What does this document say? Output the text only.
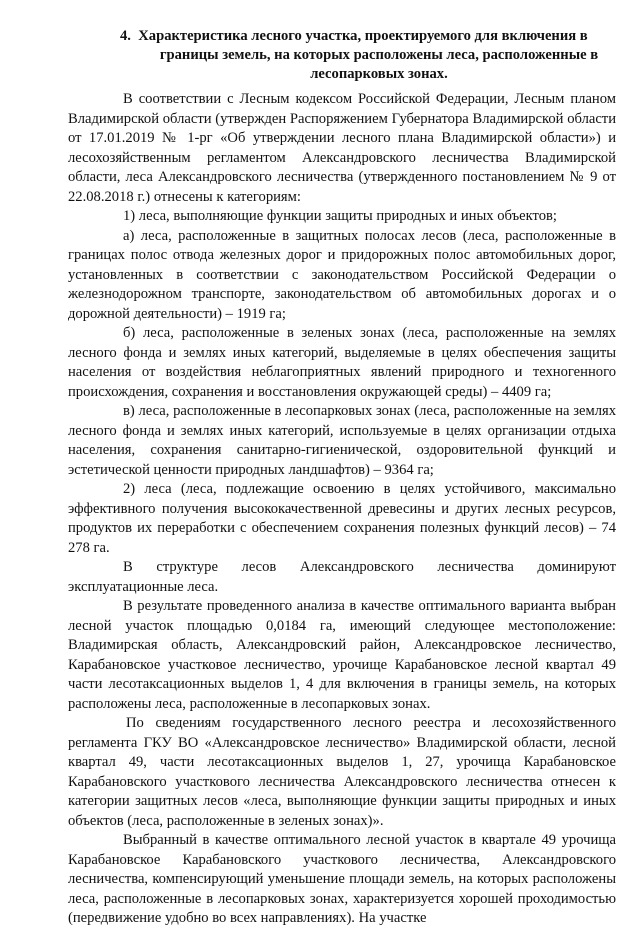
4. Характеристика лесного участка, проектируемого для включения в
границы земель, на которых расположены леса, расположенные в
лесопарковых зонах.

В соответствии с Лесным кодексом Российской Федерации, Лесным планом Владимирской области (утвержден Распоряжением Губернатора Владимирской области от 17.01.2019 № 1-рг «Об утверждении лесного плана Владимирской области») и лесохозяйственным регламентом Александровского лесничества Владимирской области, леса Александровского лесничества (утвержденного постановлением № 9 от 22.08.2018 г.) отнесены к категориям:

1) леса, выполняющие функции защиты природных и иных объектов;

а) леса, расположенные в защитных полосах лесов (леса, расположенные в границах полос отвода железных дорог и придорожных полос автомобильных дорог, установленных в соответствии с законодательством Российской Федерации о железнодорожном транспорте, законодательством об автомобильных дорогах и о дорожной деятельности) – 1919 га;

б) леса, расположенные в зеленых зонах (леса, расположенные на землях лесного фонда и землях иных категорий, выделяемые в целях обеспечения защиты населения от воздействия неблагоприятных явлений природного и техногенного происхождения, сохранения и восстановления окружающей среды) – 4409 га;

в) леса, расположенные в лесопарковых зонах (леса, расположенные на землях лесного фонда и землях иных категорий, используемые в целях организации отдыха населения, сохранения санитарно-гигиенической, оздоровительной функций и эстетической ценности природных ландшафтов) – 9364 га;

2) леса (леса, подлежащие освоению в целях устойчивого, максимально эффективного получения высококачественной древесины и других лесных ресурсов, продуктов их переработки с обеспечением сохранения полезных функций лесов) – 74 278 га.

В структуре лесов Александровского лесничества доминируют эксплуатационные леса.

В результате проведенного анализа в качестве оптимального варианта выбран лесной участок площадью 0,0184 га, имеющий следующее местоположение: Владимирская область, Александровский район, Александровское лесничество, Карабановское участковое лесничество, урочище Карабановское лесной квартал 49 части лесотаксационных выделов 1, 4 для включения в границы земель, на которых расположены леса, расположенные в лесопарковых зонах.

По сведениям государственного лесного реестра и лесохозяйственного регламента ГКУ ВО «Александровское лесничество» Владимирской области, лесной квартал 49, части лесотаксационных выделов 1, 27, урочища Карабановское Карабановского участкового лесничества Александровского лесничества отнесен к категории защитных лесов «леса, выполняющие функции защиты природных и иных объектов (леса, расположенные в зеленых зонах)».

Выбранный в качестве оптимального лесной участок в квартале 49 урочища Карабановское Карабановского участкового лесничества, Александровского лесничества, компенсирующий уменьшение площади земель, на которых расположены леса, расположенные в лесопарковых зонах, характеризуется хорошей проходимостью (передвижение удобно во всех направлениях). На участке
